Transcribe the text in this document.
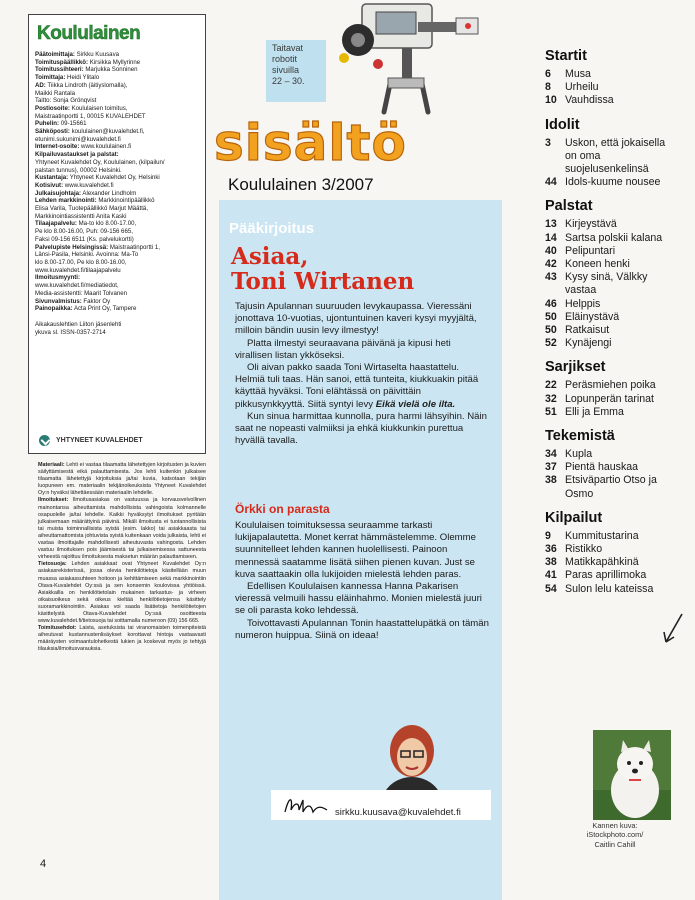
Koululainen

Päätoimittaja: Sirkku Kuusava

Toimituspäällikkö: Kirsikka Myllyrinne

Toimitussihteeri: Marjukka Sonninen

Toimittaja: Heidi Ylitalo

AD: Tiikka Lindroth (äitiyslomalla),
Maikki Rantala

Taitto: Sonja Grönqvist

Postiosoite: Koululaisen toimitus,
Maistraatinportti 1, 00015 KUVALEHDET

Puhelin: 09-15661

Sähköposti: koululainen@kuvalehdet.fi,
etunimi.sukunimi@kuvalehdet.fi

Internet-osoite: www.koululainen.fi

Kilpailuvastaukset ja palstat:
Yhtyneet Kuvalehdet Oy, Koululainen, (kilpailun/
palstan tunnus), 00002 Helsinki.

Kustantaja: Yhtyneet Kuvalehdet Oy, Helsinki

Kotisivut: www.kuvalehdet.fi

Julkaisujohtaja: Alexander Lindholm

Lehden markkinointi: Markkinointipäällikkö
Elisa Varila, Tuotepäällikkö Marjut Määttä,
Markkinointiassistentti Anita Kaski

Tilaajapalvelu: Ma-to klo 8.00-17.00,
Pe klo 8.00-16.00, Puh: 09-156 665,
Faksi 09-156 6511 (Ks. palvelukortti)

Palvelupiste Helsingissä: Maistraatinportti 1,
Länsi-Pasila, Helsinki. Avoinna: Ma-To
klo 8.00-17.00, Pe klo 8.00-16.00,
www.kuvalehdet.fi/tilaajapalvelu

Ilmoitusmyynti:
www.kuvalehdet.fi/mediatiedot,
Media-assistentti: Maarit Tolvanen

Sivunvalmistus: Faktor Oy

Painopaikka: Acta Print Oy, Tampere

Aikakauslehtien Liiton jäsenlehti
ykuva sl. ISSN-0357-2714
YHTYNEET KUVALEHDET

Materiaali: Lehti ei vastaa tilaamatta lähetettyjen kirjoitusten ja kuvien säilyttämisestä eikä palauttamisesta. Jos lehti kuitenkin julkaisee tilaamatta lähetettyjä kirjoituksia ja/tai kuvia, katsotaan tekijän luopuneen em. materiaalin tekijänoikeuksista Yhtyneet Kuvalehdet Oy:n hyväksi lähettäessään materiaalin lehdelle.

Ilmoitukset: Ilmoitusasiakas on vastuussa ja korvausvelvollinen mainontansa aiheuttamista mahdollisista vahingoista kolmannelle osapuolelle ja/tai lehdelle. Kaikki hyväksytyt ilmoitukset pyritään julkaisemaan määrättyinä päivinä. Mikäli ilmoitusta ei tuotannollisista tai muista toiminnallisista syistä (esim. lakko) tai asiakkaasta tai aiheuttamattomista johtuvista syistä kuitenkaan voida julkaista, lehti ei vastaa ilmoittajalle mahdollisesti aiheutuvasta vahingosta. Lehden vastuu ilmoituksen pois jäämisestä tai julkaisemisessa sattuneesta virheestä rajoittuu ilmoituksesta maksetun määrän palauttamiseen.

Tietosuoja: Lehden asiakkaat ovat Yhtyneet Kuvalehdet Oy:n asiakasrekisterissä, jossa olevia henkilötietoja käsitellään muun muassa asiakassuhteen hoitoon ja kehittämiseen sekä markkinointiin Otava-Kuvalehdet Oy:ssä ja sen konsernin koulovissa yhtiöissä. Asiakkailla on henkilötietolain mukainen tarkastus- ja virheen oikaisuoikeus sekä oikeus kieltää henkilötietojensa käsittely suoramarkkinointiin. Asiakas voi saada lisätietoja henkilötietojen käsittelystä Otava-Kuvalehdet Oy:ssä osoitteesta www.kuvalehdet.fi/tietosuoja tai soittamalla numeroon (09) 156 665.

Toimitusehdot: Laista, asetuksista tai viranomaisten toimenpiteistä aiheutuvat kustannustenlisäykset korottavat hintoja vastaavasti määräysten voimaantulohetkestä lukien ja koskevat myös jo tehtyjä tilauksia/ilmoitusvarauksia.

4
Taitavat
robotit
sivuilla
22 – 30.
sisältö
Koululainen 3/2007
Pääkirjoitus
Asiaa,
Toni Wirtanen

Tajusin Apulannan suuruuden levykaupassa. Vieressäni jonottava 10-vuotias, ujontuntuinen kaveri kysyi myyjältä, milloin bändin uusin levy ilmestyy!

Platta ilmestyi seuraavana päivänä ja kipusi heti virallisen listan ykköseksi.

Oli aivan pakko saada Toni Wirtaselta haastattelu. Helmiä tuli taas. Hän sanoi, että tunteita, kiukkuakin pitää käyttää hyväksi. Toni elähtässä on päivittäin pikkusynkkyyttä. Siitä syntyi levy Eikä vielä ole ilta.

Kun sinua harmittaa kunnolla, pura harmi lähsyihin. Näin saat ne nopeasti valmiiksi ja ehkä kiukkunkin purettua hyvällä tavalla.

Örkki on parasta

Koululaisen toimituksessa seuraamme tarkasti lukijapalautetta. Monet kerrat hämmästelemme. Olemme suunnitelleet lehden kannen huolellisesti. Painoon mennessä saatamme lisätä siihen pienen kuvan. Just se kuva saattaakin olla lukijoiden mielestä lehden paras.

Edellisen Koululaisen kannessa Hanna Pakarisen vieressä velmuili hassu eläinhahmo. Monien mielestä juuri se oli parasta koko lehdessä.

Toivottavasti Apulannan Tonin haastattelupätkä on tämän numeron huippua. Siinä on ideaa!

sirkku.kuusava@kuvalehdet.fi
Startit
6	Musa
8	Urheilu
10 Vauhdissa
Idolit
3	Uskon, että jokaisella on oma suojelusenkelinsä
44 Idols-kuume nousee
Palstat
13 Kirjeystävä
14 Sartsa polskii kalana
40 Pelipuntari
42 Koneen henki
43 Kysy sinä, Välkky vastaa
46 Helppis
50 Eläinystävä
50 Ratkaisut
52 Kynäjengi
Sarjikset
22 Peräsmiehen poika
32 Lopunperän tarinat
51 Elli ja Emma
Tekemistä
34 Kupla
37 Pientä hauskaa
38 Etsiväpartio Otso ja Osmo
Kilpailut
9	Kummitustarina
36 Ristikko
38 Matikkapähkinä
41 Paras aprillimoka
54 Sulon lelu kateissa
Kannen kuva:
iStockphoto.com/
Caitlin Cahill
